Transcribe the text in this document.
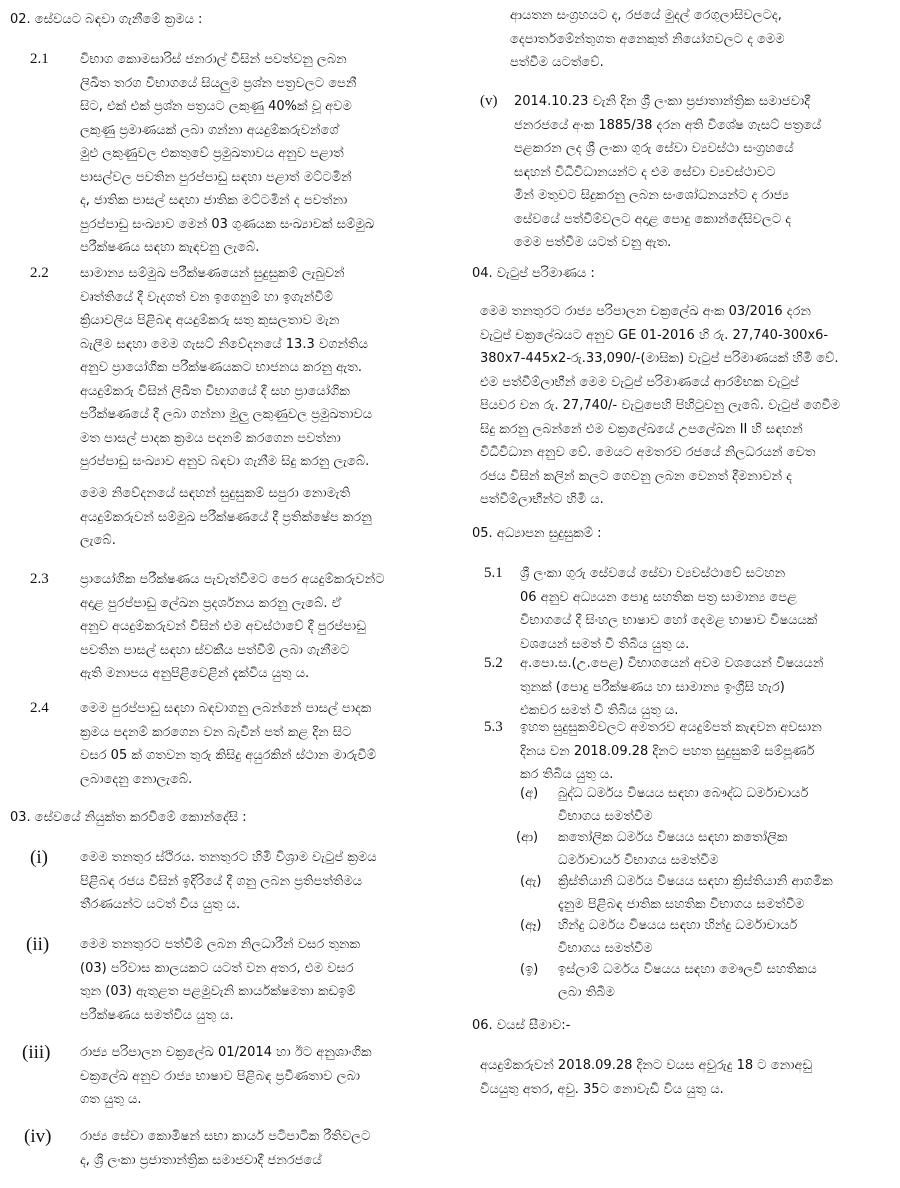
02. සේවයට බඳවා ගැනීමේ ක්‍රමය :
2.1 විභාග කොමසාරිස් ජනරාල් විසින් පවත්වනු ලබන
ලිඛිත තරග විභාගයේ සියලුම ප්‍රශ්න පත්‍රවලට පෙනී
සිට, එක් එක් ප්‍රශ්න පත්‍රයට ලකුණු 40%ක් වූ අවම
ලකුණු ප්‍රමාණයක් ලබා ගන්නා අයදුම්කරුවන්ගේ
මුළු ලකුණුවල එකතුවේ ප්‍රමුඛතාවය අනුව පළාත්
පාසල්වල පවතින පුරප්පාඩු සඳහා පළාත් මට්ටමින්
ද, ජාතික පාසල් සඳහා ජාතික මට්ටමින් ද පවත්නා
පුරප්පාඩු සංඛ්‍යාව මෙන් 03 ගුණයක සංඛ්‍යාවක් සම්මුඛ
පරීක්ෂණය සඳහා කැඳවනු ලැබේ.
2.2 සාමාන්‍ය සම්මුඛ පරීක්ෂණයෙන් සුදුසුකම් ලැබුවන්
වෘත්තියේ දී වැදගත් වන ඉගෙනුම් හා ඉගැන්වීම්
ක්‍රියාවලිය පිළිබඳ අයදුම්කරු සතු කුසලතාව මැන
බැලීම සඳහා මෙම ගැසට් නිවේදනයේ 13.3 වගන්තිය
අනුව ප්‍රායෝගික පරීක්ෂණයකට භාජනය කරනු ඇත.
අයදුම්කරු විසින් ලිඛිත විභාගයේ දී සහ ප්‍රායෝගික
පරීක්ෂණයේ දී ලබා ගන්නා මුලු ලකුණුවල ප්‍රමුඛතාවය
මත පාසල් පාදක ක්‍රමය පදනම් කරගෙන පවත්නා
පුරප්පාඩු සංඛ්‍යාව අනුව බඳවා ගැනීම සිදු කරනු ලැබේ.
මෙම නිවේදනයේ සඳහන් සුදුසුකම් සපුරා නොමැති
අයදුම්කරුවන් සම්මුඛ පරීක්ෂණයේ දී ප්‍රතික්ෂේප කරනු
ලැබේ.
2.3 ප්‍රායෝගික පරීක්ෂණය පැවැත්වීමට පෙර අයදුම්කරුවන්ට
අදාළ පුරප්පාඩු ලේඛන ප්‍රදර්ශනය කරනු ලැබේ. ඒ
අනුව අයදුම්කරුවන් විසින් එම අවස්ථාවේ දී පුරප්පාඩු
පවතින පාසල් සඳහා ස්වකීය පත්වීම් ලබා ගැනීමට
ඇති මනාපය අනුපිළිවෙළින් දැක්විය යුතු ය.
2.4 මෙම පුරප්පාඩු සඳහා බඳවාගනු ලබන්නේ පාසල් පාදක
ක්‍රමය පදනම් කරගෙන වන බැවින් පත් කළ දින සිට
වසර 05 ක් ගතවන තුරු කිසිදු අයුරකින් ස්ථාන මාරුවීම්
ලබාදෙනු නොලැබේ.
03. සේවයේ නියුක්ත කරවීමේ කොන්දේසි :
(i) මෙම තනතුර ස්ථිරය. තනතුරට හිමි විශ්‍රාම වැටුප් ක්‍රමය
පිළිබඳ රජය විසින් ඉදිරියේ දී ගනු ලබන ප්‍රතිපත්තිමය
තීරණයන්ට යටත් විය යුතු ය.
(ii) මෙම තනතුරට පත්වීම් ලබන නිලධාරීන් වසර තුනක
(03) පරිවාස කාලයකට යටත් වන අතර, එම වසර
තුන (03) ඇතුළත පළමුවැනි කාර්යක්ෂමතා කඩඉම්
පරීක්ෂණය සමත්විය යුතු ය.
(iii) රාජ්‍ය පරිපාලන චක්‍රලේඛ 01/2014 හා ඊට අනුශාංගික
චක්‍රලේඛ අනුව රාජ්‍ය භාෂාව පිළිබඳ ප්‍රවීණතාව ලබා
ගත යුතු ය.
(iv) රාජ්‍ය සේවා කොමිෂන් සභා කාර්ය පටිපාටික රීතිවලට
ද, ශ්‍රී ලංකා ප්‍රජාතාන්ත්‍රික සමාජවාදී ජනරජයේ
ආයතන සංග්‍රහයට ද, රජයේ මුදල් රෙගුලාසිවලටද,
දෙපාර්තමේන්තුගත අනෙකුත් නියෝගවලට ද මෙම
පත්වීම යටත්වේ.
(v) 2014.10.23 වැනි දින ශ්‍රී ලංකා ප්‍රජාතාන්ත්‍රික සමාජවාදී
ජනරජයේ අංක 1885/38 දරන අති විශේෂ ගැසට් පත්‍රයේ
පළකරන ලද ශ්‍රී ලංකා ගුරු සේවා ව්‍යවස්ථා සංග්‍රහයේ
සඳහන් විධිවිධානයන්ට ද එම සේවා ව්‍යවස්ථාවට
මින් මතුවට සිදුකරනු ලබන සංශෝධනයන්ට ද රාජ්‍ය
සේවයේ පත්වීම්වලට අදාළ පොදු කොන්දේසිවලට ද
මෙම පත්වීම යටත් වනු ඇත.
04. වැටුප් පරිමාණය :
මෙම තනතුරට රාජ්‍ය පරිපාලන චක්‍රලේඛ අංක 03/2016 දරන
වැටුප් චක්‍රලේඛයට අනුව GE 01-2016 හි රු. 27,740-300x6-
380x7-445x2-රු.33,090/-(මාසික) වැටුප් පරිමාණයක් හිමි වේ.
එම පත්වීම්ලාභීන් මෙම වැටුප් පරිමාණයේ ආරම්භක වැටුප්
පියවර වන රු. 27,740/- වැටුපෙහි පිහිටුවනු ලැබේ. වැටුප් ගෙවීම
සිදු කරනු ලබන්නේ එම චක්‍රලේඛයේ උපලේඛන II හි සඳහන්
විධිවිධාන අනුව වේ. මෙයට අමතරව රජයේ නිලධරයන් වෙත
රජය විසින් කලින් කලට ගෙවනු ලබන වෙනත් දීමනාවන් ද
පත්වීම්ලාභීන්ට හිමි ය.
05. අධ්‍යාපන සුදුසුකම් :
5.1 ශ්‍රී ලංකා ගුරු සේවයේ සේවා ව්‍යවස්ථාවේ සටහන
06 අනුව අධ්‍යයන පොදු සහතික පත්‍ර සාමාන්‍ය පෙළ
විභාගයේ දී සිංහල භාෂාව හෝ දෙමළ භාෂාව විෂයයක්
වශයෙන් සමත් වී තිබිය යුතු ය.
5.2 අ.පො.ස.(උ.පෙළ) විභාගයෙන් අවම වශයෙන් විෂයයන්
තුනක් (පොදු පරීක්ෂණය හා සාමාන්‍ය ඉංග්‍රීසි හැර)
එකවර සමත් වී තිබිය යුතු ය.
5.3 ඉහත සුදුසුකම්වලට අමතරව අයදුම්පත් කැඳවන අවසාන
දිනය වන 2018.09.28 දිනට පහත සුදුසුකම් සම්පූර්ණ
කර තිබිය යුතු ය.
(අ) බුද්ධ ධර්මය විෂයය සඳහා බෞද්ධ ධර්මාචාර්ය
විභාගය සමත්වීම
(ආ) කතෝලික ධර්මය විෂයය සඳහා කතෝලික
ධර්මාචාර්ය විභාගය සමත්වීම
(ඇ) ක්‍රිස්තියානි ධර්මය විෂයය සඳහා ක්‍රිස්තියානි ආගමික
දැනුම පිළිබඳ ජාතික සහතික විභාගය සමත්වීම
(ඈ) හින්දු ධර්මය විෂයය සඳහා හින්දු ධර්මාචාර්ය
විභාගය සමත්වීම
(ඉ) ඉස්ලාම් ධර්මය විෂයය සඳහා මෞලවි සහතිකය
ලබා තිබීම
06. වයස් සීමාව:-
අයදුම්කරුවන් 2018.09.28 දිනට වයස අවුරුදු 18 ට නොඅඩු
වියයුතු අතර, අවු. 35ට නොවැඩි විය යුතු ය.
